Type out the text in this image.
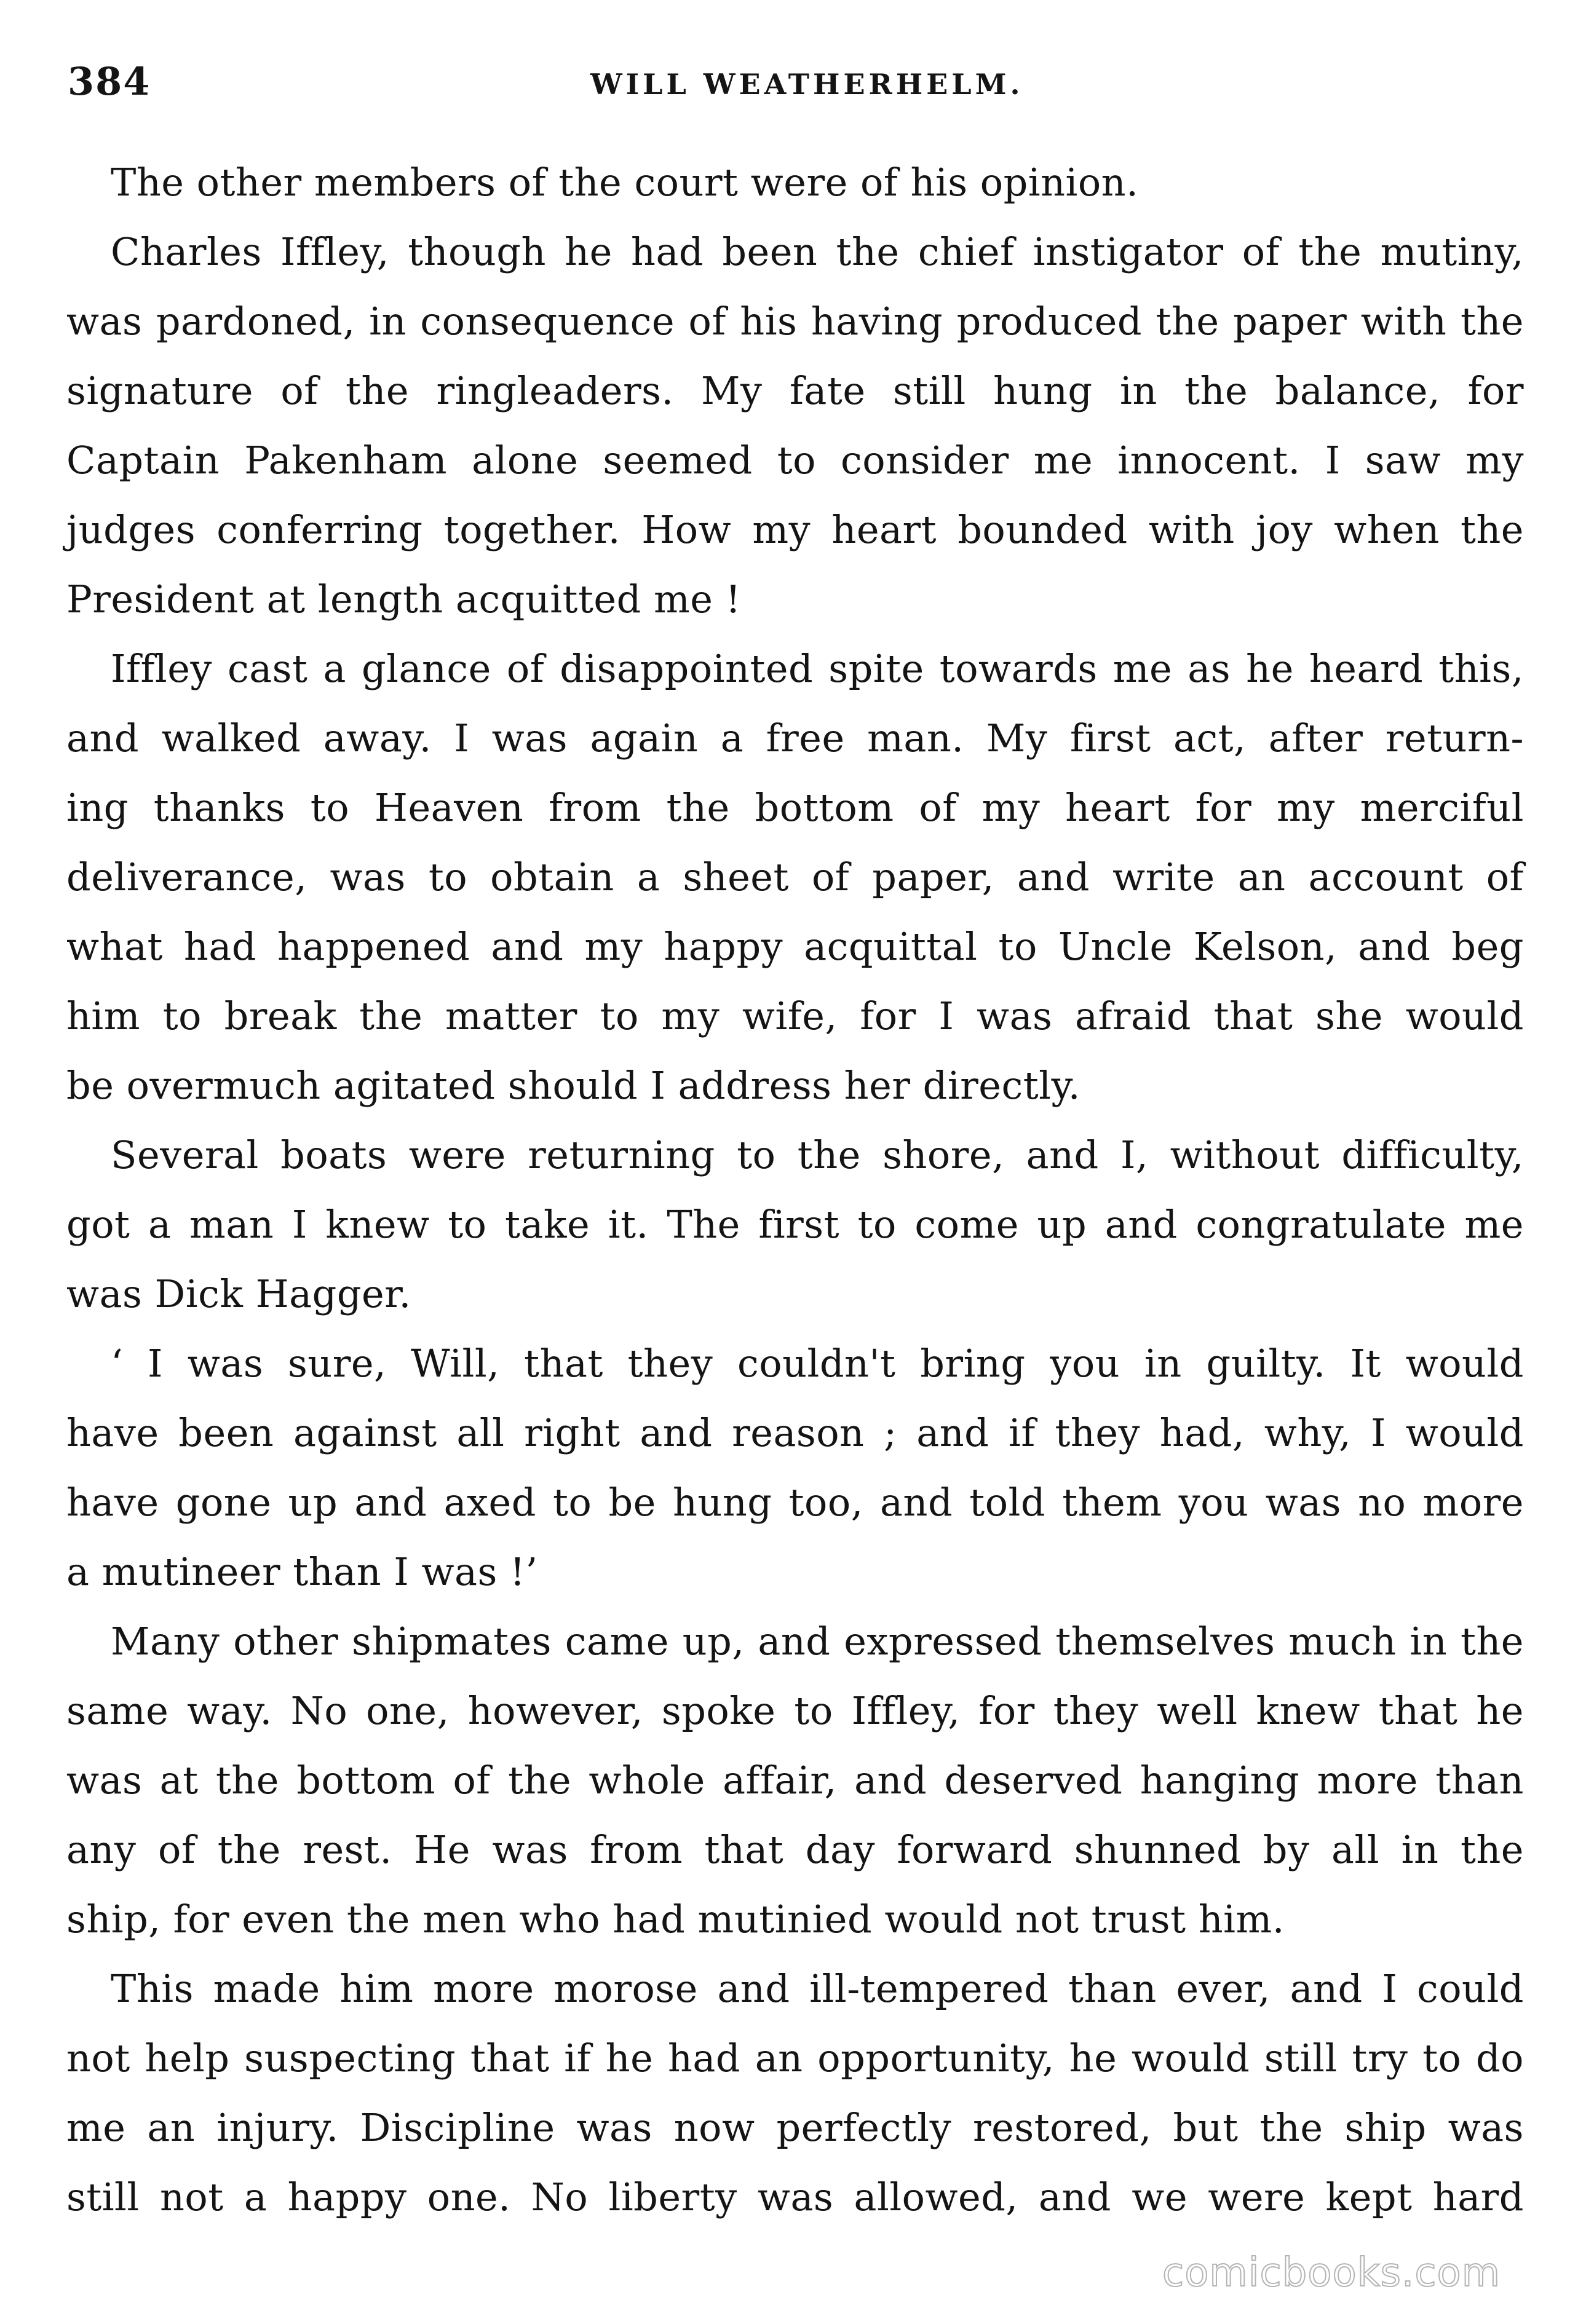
384	WILL WEATHERHELM.
The other members of the court were of his opinion.
Charles Iffley, though he had been the chief instigator of the mutiny,
was pardoned, in consequence of his having produced the paper with the
signature of the ringleaders. My fate still hung in the balance, for
Captain Pakenham alone seemed to consider me innocent. I saw my
judges conferring together. How my heart bounded with joy when the
President at length acquitted me !
Iffley cast a glance of disappointed spite towards me as he heard this,
and walked away. I was again a free man. My first act, after return-
ing thanks to Heaven from the bottom of my heart for my merciful
deliverance, was to obtain a sheet of paper, and write an account of
what had happened and my happy acquittal to Uncle Kelson, and beg
him to break the matter to my wife, for I was afraid that she would
be overmuch agitated should I address her directly.
Several boats were returning to the shore, and I, without difficulty,
got a man I knew to take it. The first to come up and congratulate me
was Dick Hagger.
‘ I was sure, Will, that they couldn't bring you in guilty. It would
have been against all right and reason ; and if they had, why, I would
have gone up and axed to be hung too, and told them you was no more
a mutineer than I was !’
Many other shipmates came up, and expressed themselves much in the
same way. No one, however, spoke to Iffley, for they well knew that he
was at the bottom of the whole affair, and deserved hanging more than
any of the rest. He was from that day forward shunned by all in the
ship, for even the men who had mutinied would not trust him.
This made him more morose and ill-tempered than ever, and I could
not help suspecting that if he had an opportunity, he would still try to do
me an injury. Discipline was now perfectly restored, but the ship was
still not a happy one. No liberty was allowed, and we were kept hard
comicbooks.com
